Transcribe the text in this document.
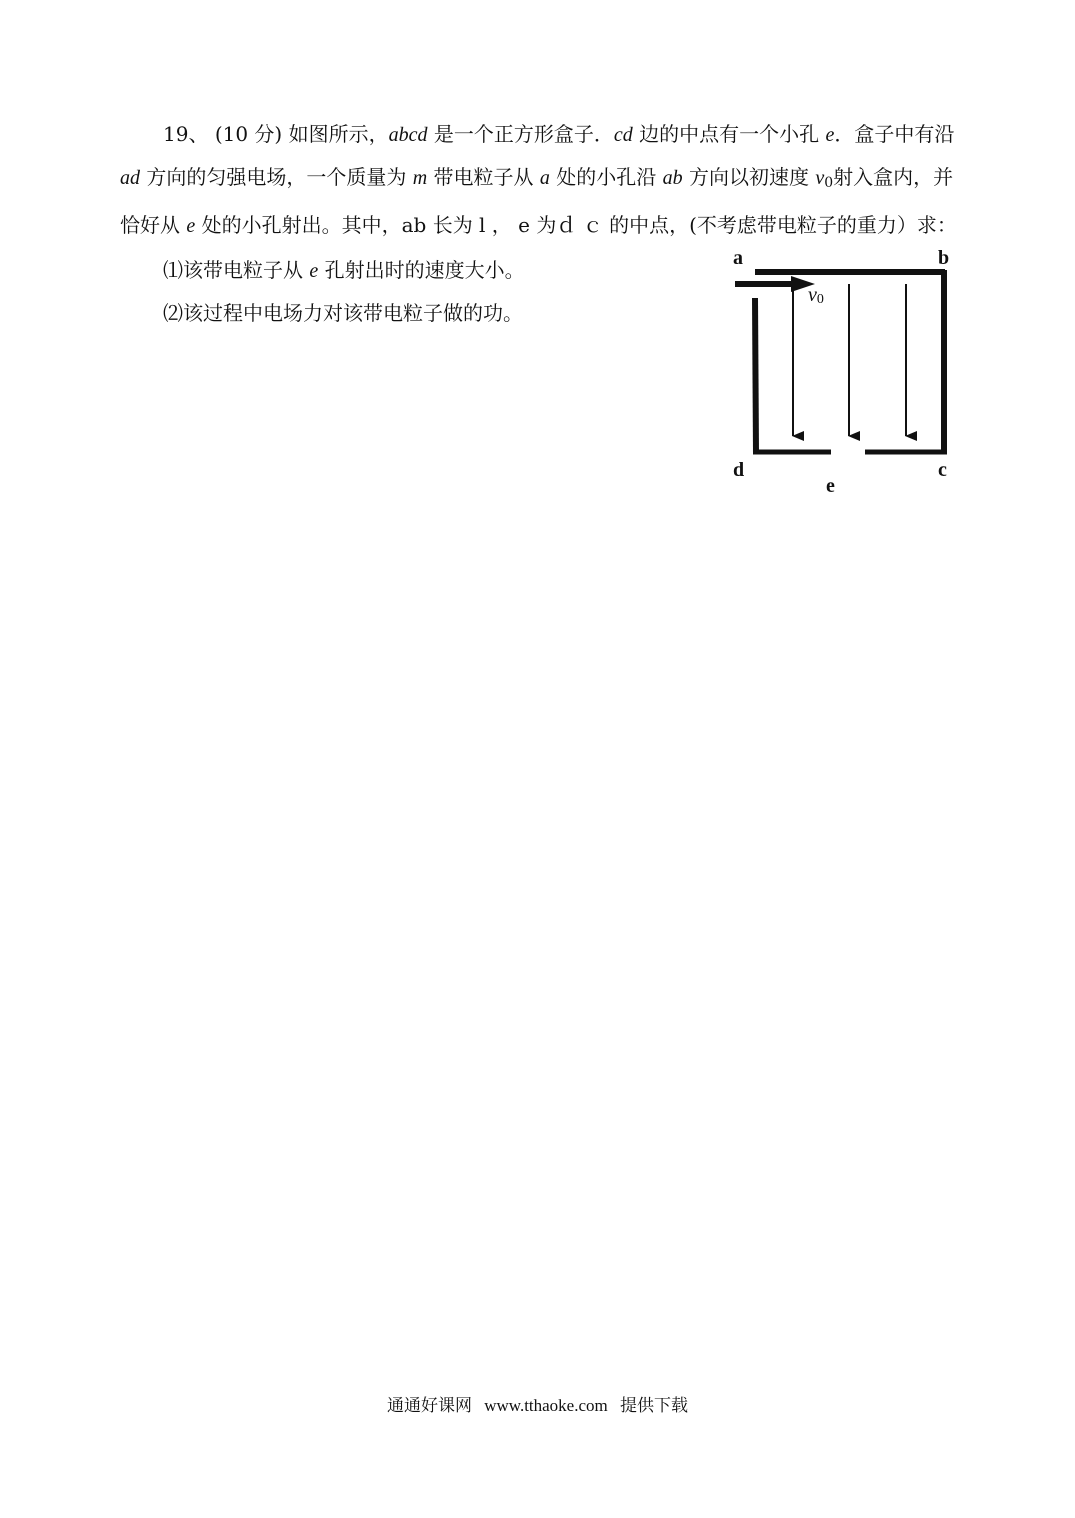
19、 (10 分) 如图所示，abcd 是一个正方形盒子．cd 边的中点有一个小孔 e．盒子中有沿 ad 方向的匀强电场，一个质量为 m 带电粒子从 a 处的小孔沿 ab 方向以初速度 v0射入盒内，并恰好从 e 处的小孔射出。其中，ab 长为 l ， e 为ｄ ｃ 的中点，(不考虑带电粒子的重力）求：

⑴该带电粒子从 e 孔射出时的速度大小。

⑵该过程中电场力对该带电粒子做的功。

a	b
d	c
e
v0
通通好课网 www.tthaoke.com 提供下载
